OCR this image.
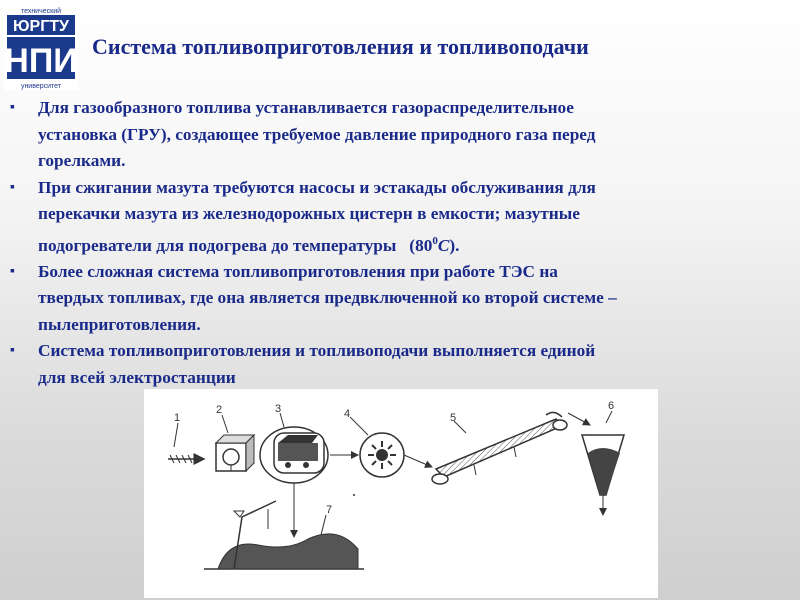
технический
ЮРГТУ
НПИ
университет
Система топливоприготовления и топливоподачи
▪ Для газообразного топлива устанавливается газораспределительное
установка (ГРУ), создающее требуемое давление природного газа перед
горелками.
▪ При сжигании мазута требуются насосы и эстакады обслуживания для
перекачки мазута из железнодорожных цистерн в емкости; мазутные
подогреватели для подогрева до температуры   $(80^0С)$.
▪ Более сложная система топливоприготовления при работе ТЭС на
твердых топливах, где она является предвключенной ко второй системе –
пылеприготовления.
▪ Система топливоприготовления и топливоподачи выполняется единой
для всей электростанции
1
2	3	4	5
6
7
